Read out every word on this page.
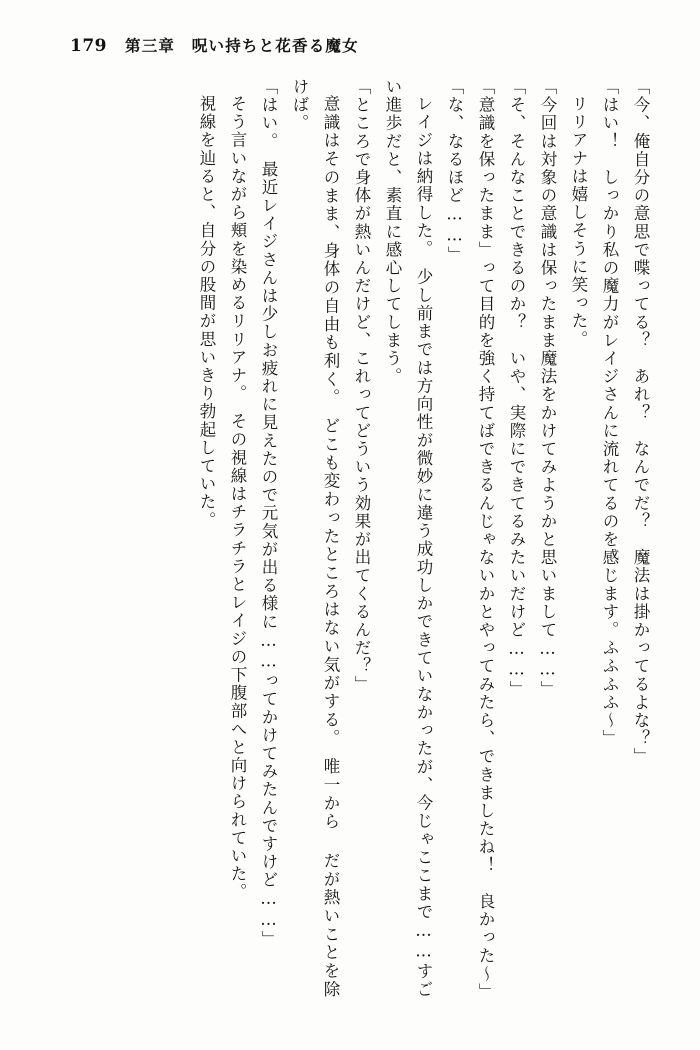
179 第三章　呪い持ちと花香る魔女

「今、俺自分の意思で喋ってる？　あれ？　なんでだ？　魔法は掛かってるよな？」

「はい！　しっかり私の魔力がレイジさんに流れてるのを感じます。ふふふふ～」

リリアナは嬉しそうに笑った。

「今回は対象の意識は保ったまま魔法をかけてみようかと思いまして……」

「そ、そんなことできるのか？　いや、実際にできてるみたいだけど……」

「意識を保ったまま」って目的を強く持てばできるんじゃないかとやってみたら、できましたね！　良かった～」

「な、なるほど……」

レイジは納得した。　少し前までは方向性が微妙に違う成功しかできていなかったが、今じゃここまで……すごい進歩だと、素直に感心してしまう。

「ところで身体が熱いんだけど、これってどういう効果が出てくるんだ？」

意識はそのまま、身体の自由も利く。　どこも変わったところはない気がする。　唯一から だが熱いことを除けば。

「はい。　最近レイジさんは少しお疲れに見えたので元気が出る様に……ってかけてみたんですけど……」

そう言いながら頬を染めるリリアナ。　その視線はチラチラとレイジの下腹部へと向けられていた。

視線を辿ると、自分の股間が思いきり勃起していた。
